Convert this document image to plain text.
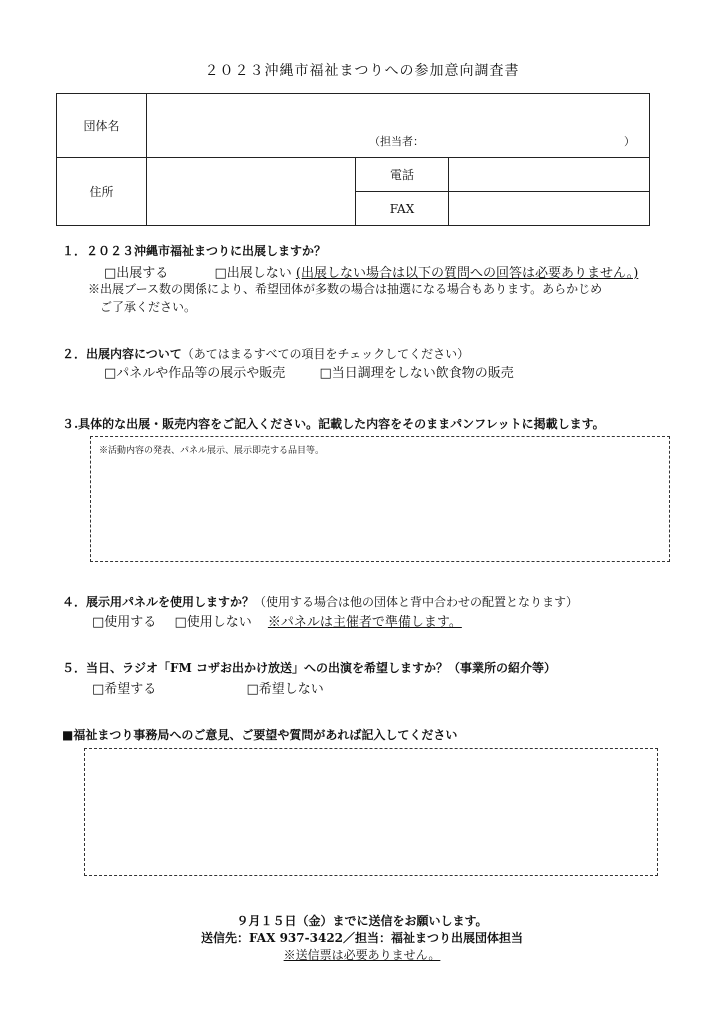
２０２３沖縄市福祉まつりへの参加意向調査書
団体名	（担当者： ）		

住所		電話	
		FAX	
１．２０２３沖縄市福祉まつりに出展しますか？
□出展する	□出展しない (出展しない場合は以下の質問への回答は必要ありません。)
※出展ブース数の関係により、希望団体が多数の場合は抽選になる場合もあります。あらかじめ
ご了承ください。
２．出展内容について（あてはまるすべての項目をチェックしてください）
□パネルや作品等の展示や販売	□当日調理をしない飲食物の販売
３.具体的な出展・販売内容をご記入ください。記載した内容をそのままパンフレットに掲載します。
※活動内容の発表、パネル展示、展示即売する品目等。
４．展示用パネルを使用しますか？（使用する場合は他の団体と背中合わせの配置となります）
□使用する □使用しない ※パネルは主催者で準備します。
５．当日、ラジオ「FM コザお出かけ放送」への出演を希望しますか？（事業所の紹介等）
□希望する	□希望しない
■福祉まつり事務局へのご意見、ご要望や質問があれば記入してください
９月１５日（金）までに送信をお願いします。
送信先：FAX 937-3422／担当：福祉まつり出展団体担当
※送信票は必要ありません。
